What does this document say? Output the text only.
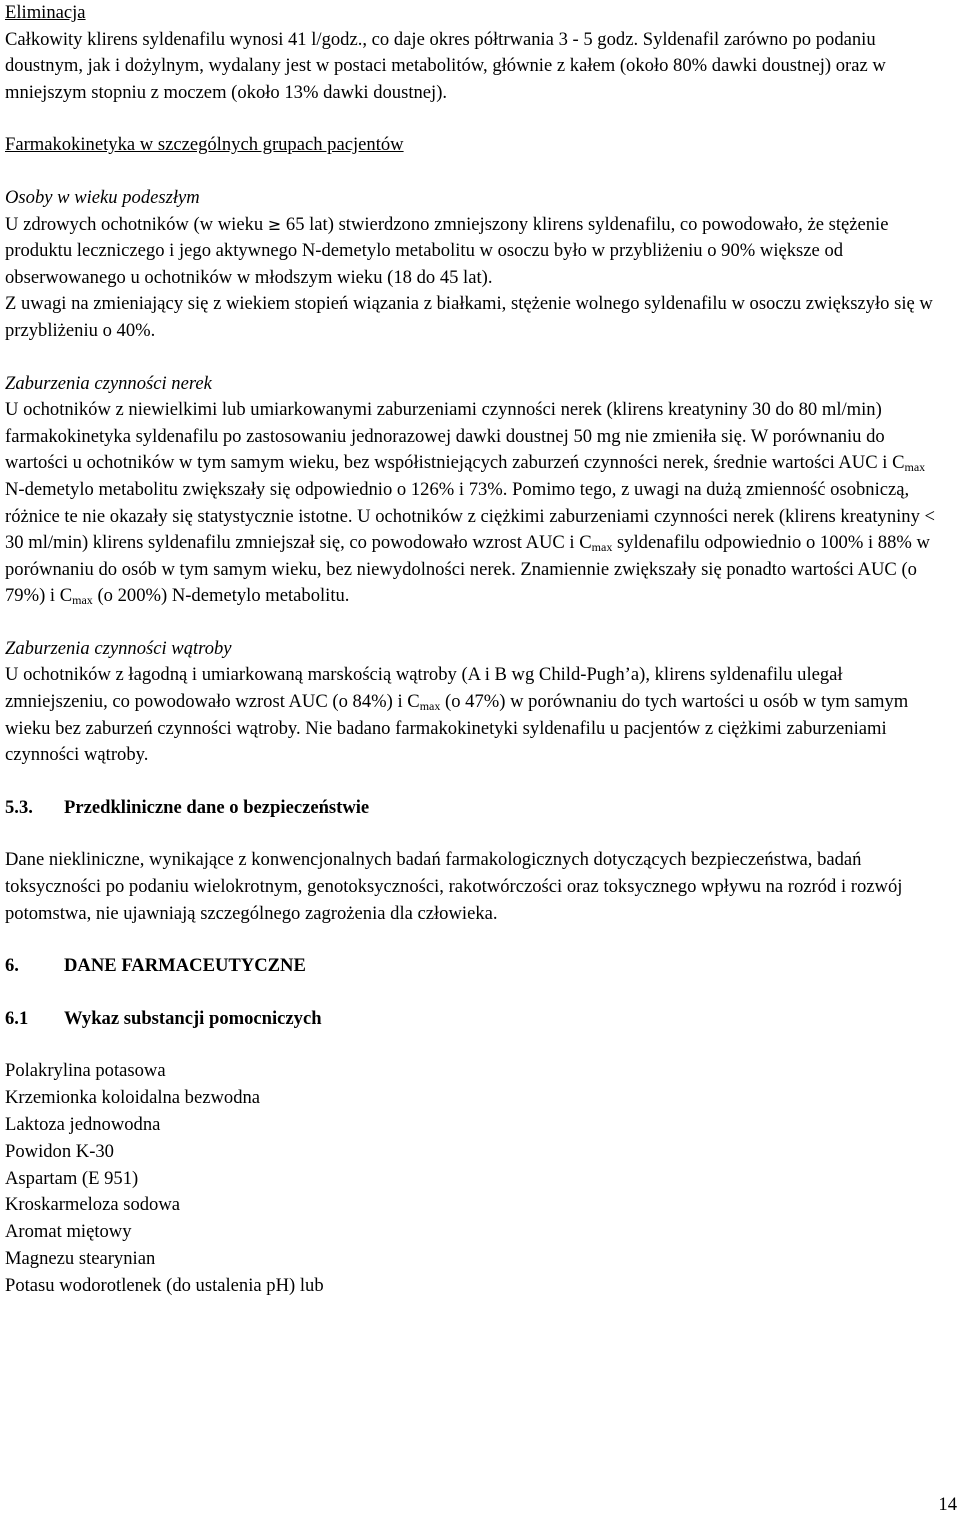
Eliminacja

Całkowity klirens syldenafilu wynosi 41 l/godz., co daje okres półtrwania 3 - 5 godz. Syldenafil zarówno po podaniu doustnym, jak i dożylnym, wydalany jest w postaci metabolitów, głównie z kałem (około 80% dawki doustnej) oraz w mniejszym stopniu z moczem (około 13% dawki doustnej).

Farmakokinetyka w szczególnych grupach pacjentów

Osoby w wieku podeszłym

U zdrowych ochotników (w wieku ≥ 65 lat) stwierdzono zmniejszony klirens syldenafilu, co powodowało, że stężenie produktu leczniczego i jego aktywnego N-demetylo metabolitu w osoczu było w przybliżeniu o 90% większe od obserwowanego u ochotników w młodszym wieku (18 do 45 lat).

Z uwagi na zmieniający się z wiekiem stopień wiązania z białkami, stężenie wolnego syldenafilu w osoczu zwiększyło się w przybliżeniu o 40%.

Zaburzenia czynności nerek

U ochotników z niewielkimi lub umiarkowanymi zaburzeniami czynności nerek (klirens kreatyniny 30 do 80 ml/min) farmakokinetyka syldenafilu po zastosowaniu jednorazowej dawki doustnej 50 mg nie zmieniła się. W porównaniu do wartości u ochotników w tym samym wieku, bez współistniejących zaburzeń czynności nerek, średnie wartości AUC i $C_{max}$ N-demetylo metabolitu zwiększały się odpowiednio o 126% i 73%. Pomimo tego, z uwagi na dużą zmienność osobniczą, różnice te nie okazały się statystycznie istotne. U ochotników z ciężkimi zaburzeniami czynności nerek (klirens kreatyniny < 30 ml/min) klirens syldenafilu zmniejszał się, co powodowało wzrost AUC i $C_{max}$ syldenafilu odpowiednio o 100% i 88% w porównaniu do osób w tym samym wieku, bez niewydolności nerek. Znamiennie zwiększały się ponadto wartości AUC (o 79%) i $C_{max}$ (o 200%) N-demetylo metabolitu.

Zaburzenia czynności wątroby

U ochotników z łagodną i umiarkowaną marskością wątroby (A i B wg Child-Pugh’a), klirens syldenafilu ulegał zmniejszeniu, co powodowało wzrost AUC (o 84%) i $C_{max}$ (o 47%) w porównaniu do tych wartości u osób w tym samym wieku bez zaburzeń czynności wątroby. Nie badano farmakokinetyki syldenafilu u pacjentów z ciężkimi zaburzeniami czynności wątroby.

5.3.	Przedkliniczne dane o bezpieczeństwie

Dane niekliniczne, wynikające z konwencjonalnych badań farmakologicznych dotyczących bezpieczeństwa, badań toksyczności po podaniu wielokrotnym, genotoksyczności, rakotwórczości oraz toksycznego wpływu na rozród i rozwój potomstwa, nie ujawniają szczególnego zagrożenia dla człowieka.

6.	DANE FARMACEUTYCZNE

6.1	Wykaz substancji pomocniczych

Polakrylina potasowa

Krzemionka koloidalna bezwodna

Laktoza jednowodna

Powidon K-30

Aspartam (E 951)

Kroskarmeloza sodowa

Aromat miętowy

Magnezu stearynian

Potasu wodorotlenek (do ustalenia pH) lub

14
